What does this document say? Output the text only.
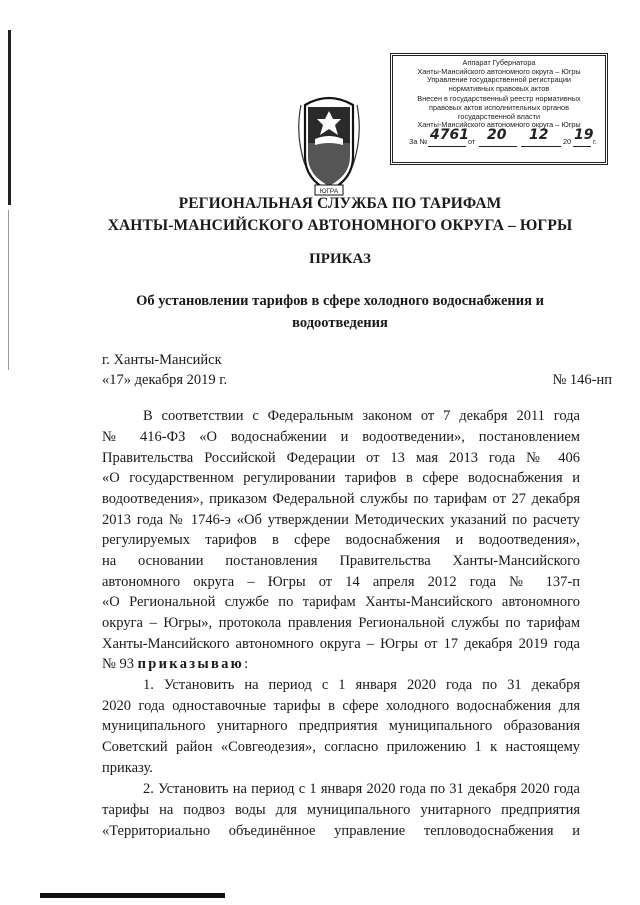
ЮГРА
Аппарат Губернатора
Ханты-Мансийского автономного округа – Югры
Управление государственной регистрации
нормативных правовых актов
Внесен в государственный реестр нормативных
правовых актов исполнительных органов
государственной власти
Ханты-Мансийского автономного округа – Югры
За № 4761 от 20 12 20 19 г.
РЕГИОНАЛЬНАЯ СЛУЖБА ПО ТАРИФАМ
ХАНТЫ-МАНСИЙСКОГО АВТОНОМНОГО ОКРУГА – ЮГРЫ
ПРИКАЗ
Об установлении тарифов в сфере холодного водоснабжения и
водоотведения
г. Ханты-Мансийск
«17» декабря 2019 г.	№ 146-нп
В соответствии с Федеральным законом от 7 декабря 2011 года
№ 416-ФЗ «О водоснабжении и водоотведении», постановлением
Правительства Российской Федерации от 13 мая 2013 года № 406
«О государственном регулировании тарифов в сфере водоснабжения и
водоотведения», приказом Федеральной службы по тарифам от 27 декабря
2013 года № 1746-э «Об утверждении Методических указаний по расчету
регулируемых тарифов в сфере водоснабжения и водоотведения»,
на основании постановления Правительства Ханты-Мансийского
автономного округа – Югры от 14 апреля 2012 года № 137-п
«О Региональной службе по тарифам Ханты-Мансийского автономного
округа – Югры», протокола правления Региональной службы по тарифам
Ханты-Мансийского автономного округа – Югры от 17 декабря 2019 года
№ 93 приказываю:
1. Установить на период с 1 января 2020 года по 31 декабря
2020 года одноставочные тарифы в сфере холодного водоснабжения для
муниципального унитарного предприятия муниципального образования
Советский район «Совгеодезия», согласно приложению 1 к настоящему
приказу.
2. Установить на период с 1 января 2020 года по 31 декабря 2020 года
тарифы на подвоз воды для муниципального унитарного предприятия
«Территориально объединённое управление тепловодоснабжения и
